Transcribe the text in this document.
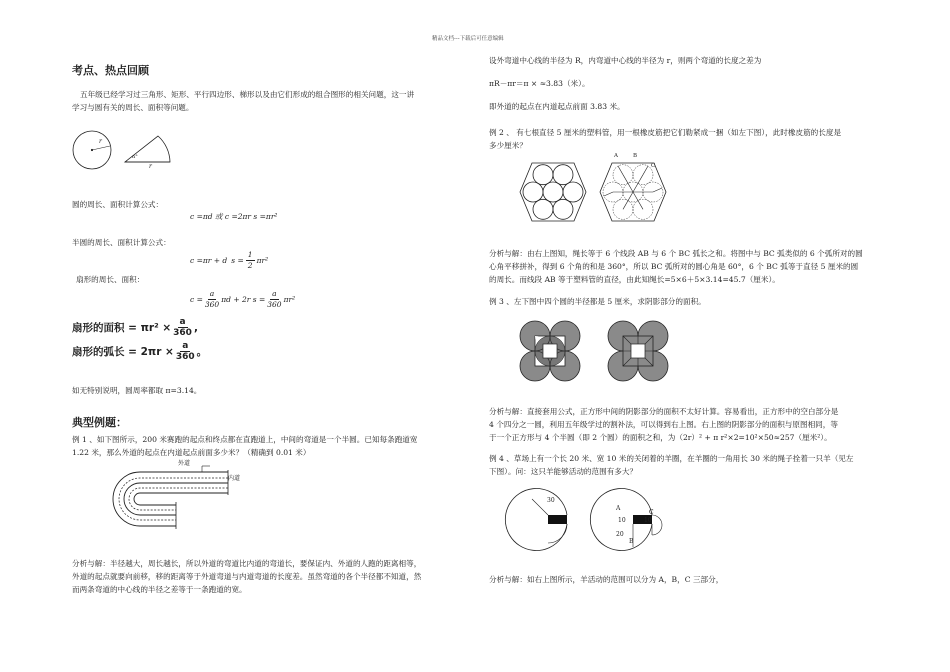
精品文档---下载后可任意编辑
考点、热点回顾
五年级已经学习过三角形、矩形、平行四边形、梯形以及由它们形成的组合图形的相关问题，这一讲
学习与圆有关的周长、面积等问题。
r
r
n°
圆的周长、面积计算公式：
c =πd 或 c =2πr s =πr²
半圆的周长、面积计算公式：
c =πr + d $s = \frac{1}{2} \pi r^2$
扇形的周长、面积：
$c = \frac{a}{360}$ πd + 2r $s = \frac{a}{360} \pi r^2$
扇形的面积 = $\pi r^2 \times \frac{a}{360}$ ,
扇形的弧长 = $2\pi r \times \frac{a}{360}$ 。
如无特别说明，圆周率都取 π=3.14。
典型例题：
例 1 、如下图所示，200 米赛跑的起点和终点都在直跑道上，中间的弯道是一个半圆。已知每条跑道宽
1.22 米，那么外道的起点在内道起点前面多少米？（精确到 0.01 米）
外道
内道
分析与解：半径越大，周长越长，所以外道的弯道比内道的弯道长，要保证内、外道的人跑的距离相等，
外道的起点就要向前移，移的距离等于外道弯道与内道弯道的长度差。虽然弯道的各个半径都不知道，然
而两条弯道的中心线的半径之差等于一条跑道的宽。
设外弯道中心线的半径为 R，内弯道中心线的半径为 r，则两个弯道的长度之差为
πR－πr＝π × ≈3.83（米）。
即外道的起点在内道起点前面 3.83 米。
例 2 、 有七根直径 5 厘米的塑料管，用一根橡皮筋把它们勒紧成一捆（如左下图），此时橡皮筋的长度是
多少厘米？
A	B
C
分析与解：由右上图知，绳长等于 6 个线段 AB 与 6 个 BC 弧长之和。将图中与 BC 弧类似的 6 个弧所对的圆
心角平移拼补，得到 6 个角的和是 360°，所以 BC 弧所对的圆心角是 60°，6 个 BC 弧等于直径 5 厘米的圆
的周长。而线段 AB 等于塑料管的直径，由此知绳长=5×6＋5×3.14=45.7（厘米）。
例 3 、左下图中四个圆的半径都是 5 厘米，求阴影部分的面积。
分析与解：直接套用公式，正方形中间的阴影部分的面积不太好计算。容易看出，正方形中的空白部分是
4 个四分之一圆，利用五年级学过的割补法，可以得到右上图。右上图的阴影部分的面积与原图相同，等
于一个正方形与 4 个半圆（即 2 个圆）的面积之和，为（2r）² + π r²×2=10²×50≈257（厘米²）。
例 4 、草场上有一个长 20 米、宽 10 米的关闭着的羊圈，在羊圈的一角用长 30 米的绳子拴着一只羊（见左
下图）。问：这只羊能够活动的范围有多大？
30
A
10	10
20
B
C
分析与解：如右上图所示，羊活动的范围可以分为 A，B，C 三部分，
